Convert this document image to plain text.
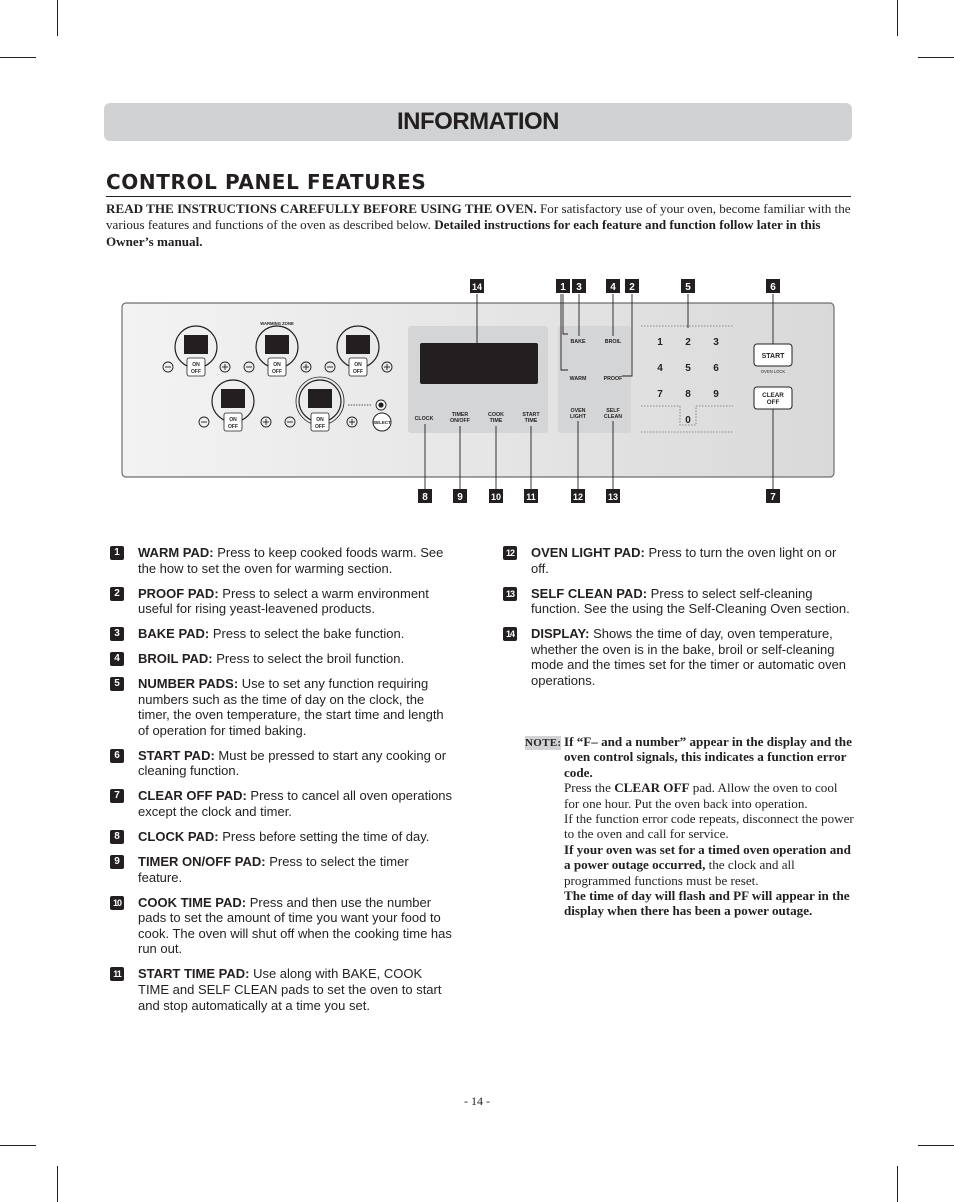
INFORMATION
CONTROL PANEL FEATURES
READ THE INSTRUCTIONS CAREFULLY BEFORE USING THE OVEN. For satisfactory use of your oven, become familiar with the various features and functions of the oven as described below. Detailed instructions for each feature and function follow later in this Owner’s manual.
ON
OFF
ON
OFF
ON
OFF
ON
OFF
ON
OFF
WARMING ZONE
SELECT
CLOCK
TIMER
ON/OFF
COOK
TIME
START
TIME
BAKE	BROIL
WARM	PROOF
OVEN
LIGHT
SELF
CLEAN
1 2 3
4 5 6
7 8 9
0
START
OVEN LOCK
CLEAR
OFF
14	1 3	4 2	5	6
8	9	10	11	12	13	7
1	WARM PAD: Press to keep cooked foods warm. See the how to set the oven for warming section.
2	PROOF PAD: Press to select a warm environment useful for rising yeast-leavened products.
3	BAKE PAD: Press to select the bake function.
4	BROIL PAD: Press to select the broil function.
5	NUMBER PADS: Use to set any function requiring numbers such as the time of day on the clock, the timer, the oven temperature, the start time and length of operation for timed baking.
6	START PAD: Must be pressed to start any cooking or cleaning function.
7	CLEAR OFF PAD: Press to cancel all oven operations except the clock and timer.
8	CLOCK PAD: Press before setting the time of day.
9	TIMER ON/OFF PAD: Press to select the timer feature.
10 COOK TIME PAD: Press and then use the number pads to set the amount of time you want your food to cook. The oven will shut off when the cooking time has run out.
11 START TIME PAD: Use along with BAKE, COOK TIME and SELF CLEAN pads to set the oven to start and stop automatically at a time you set.
12 OVEN LIGHT PAD: Press to turn the oven light on or off.
13 SELF CLEAN PAD: Press to select self-cleaning function. See the using the Self-Cleaning Oven section.
14 DISPLAY: Shows the time of day, oven temperature, whether the oven is in the bake, broil or self-cleaning mode and the times set for the timer or automatic oven operations.
NOTE: If “F– and a number” appear in the display and the oven control signals, this indicates a function error code.
Press the CLEAR OFF pad. Allow the oven to cool for one hour. Put the oven back into operation.
If the function error code repeats, disconnect the power to the oven and call for service.
If your oven was set for a timed oven operation and a power outage occurred, the clock and all programmed functions must be reset.
The time of day will flash and PF will appear in the display when there has been a power outage.
- 14 -
